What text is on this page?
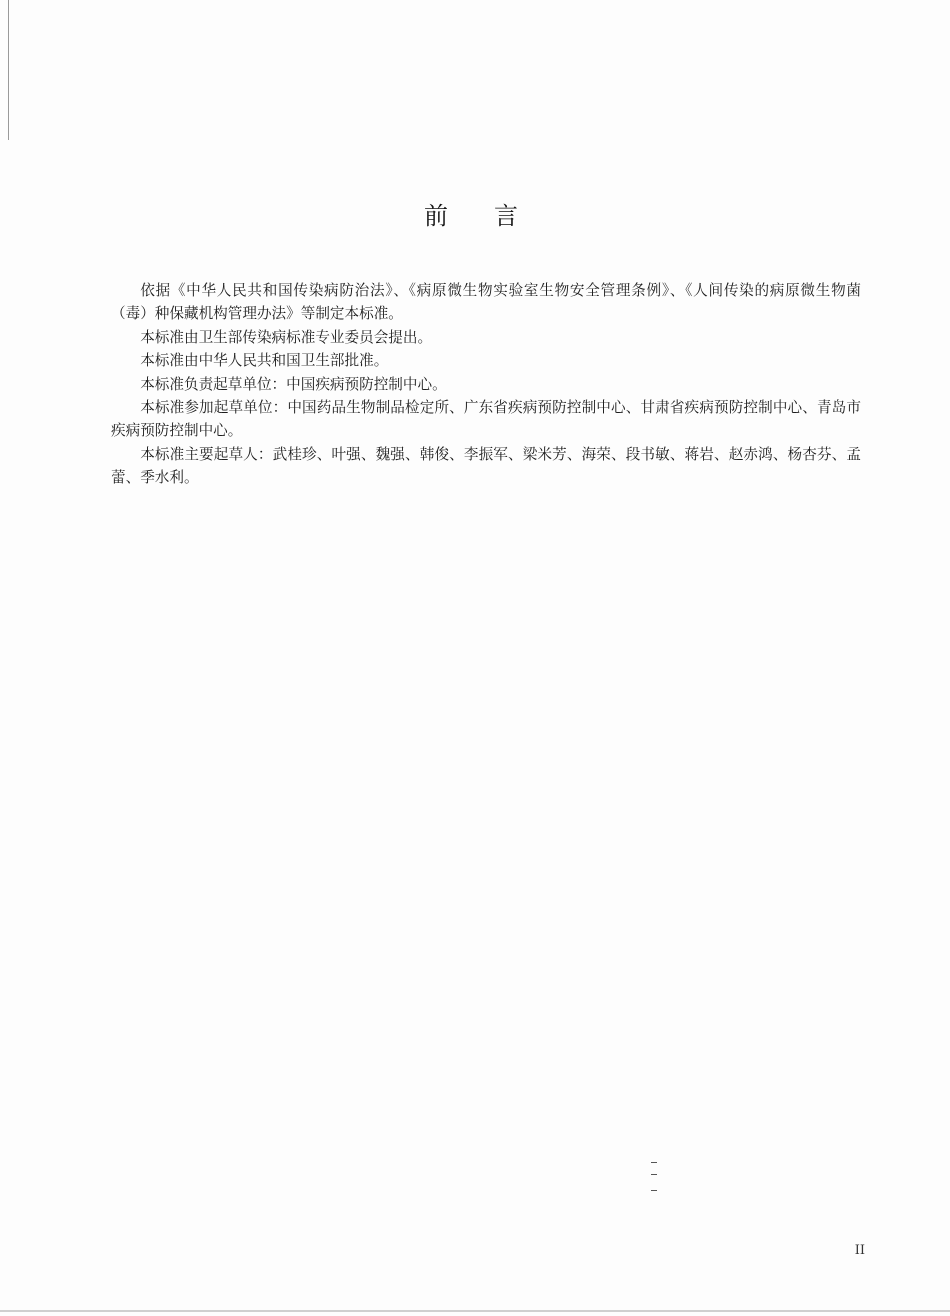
前言

依据《中华人民共和国传染病防治法》、《病原微生物实验室生物安全管理条例》、《人间传染的病原微生物菌（毒）种保藏机构管理办法》等制定本标准。

本标准由卫生部传染病标准专业委员会提出。

本标准由中华人民共和国卫生部批准。

本标准负责起草单位：中国疾病预防控制中心。

本标准参加起草单位：中国药品生物制品检定所、广东省疾病预防控制中心、甘肃省疾病预防控制中心、青岛市疾病预防控制中心。

本标准主要起草人：武桂珍、叶强、魏强、韩俊、李振军、梁米芳、海荣、段书敏、蒋岩、赵赤鸿、杨杏芬、孟蕾、季水利。

II
